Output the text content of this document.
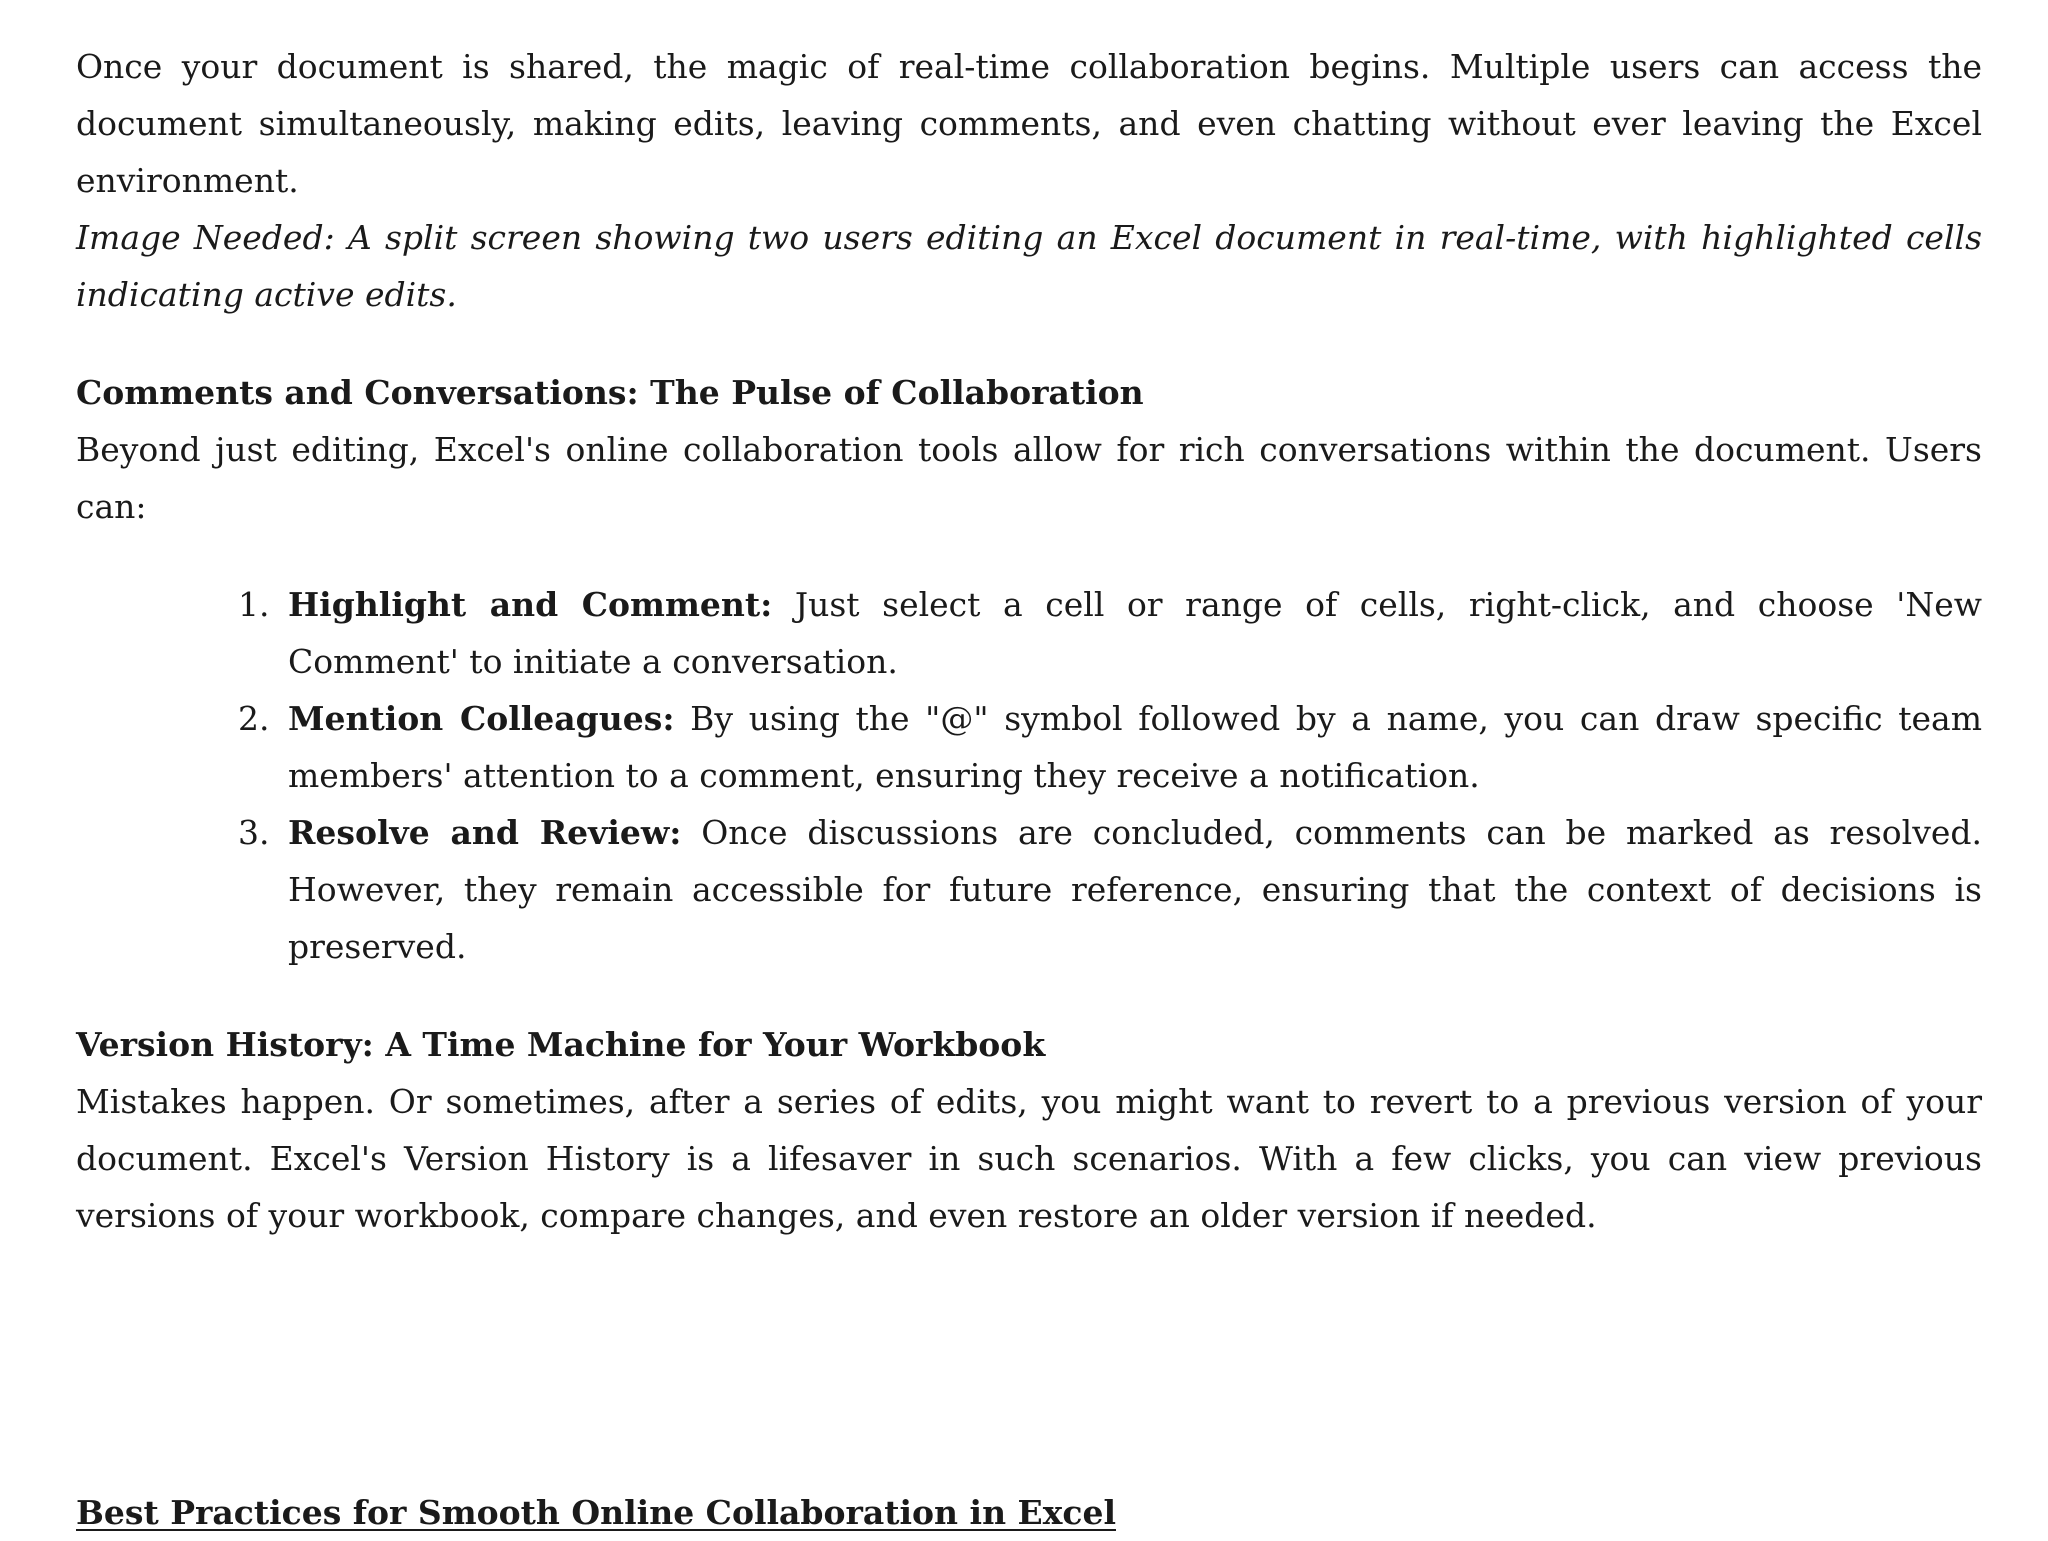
Once your document is shared, the magic of real-time collaboration begins. Multiple users can access the document simultaneously, making edits, leaving comments, and even chatting without ever leaving the Excel environment.

Image Needed: A split screen showing two users editing an Excel document in real-time, with highlighted cells indicating active edits.

Comments and Conversations: The Pulse of Collaboration

Beyond just editing, Excel's online collaboration tools allow for rich conversations within the document. Users can:

1. Highlight and Comment: Just select a cell or range of cells, right-click, and choose 'New Comment' to initiate a conversation.
2. Mention Colleagues: By using the "@" symbol followed by a name, you can draw specific team members' attention to a comment, ensuring they receive a notification.
3. Resolve and Review: Once discussions are concluded, comments can be marked as resolved. However, they remain accessible for future reference, ensuring that the context of decisions is preserved.
Version History: A Time Machine for Your Workbook

Mistakes happen. Or sometimes, after a series of edits, you might want to revert to a previous version of your document. Excel's Version History is a lifesaver in such scenarios. With a few clicks, you can view previous versions of your workbook, compare changes, and even restore an older version if needed.

Best Practices for Smooth Online Collaboration in Excel
